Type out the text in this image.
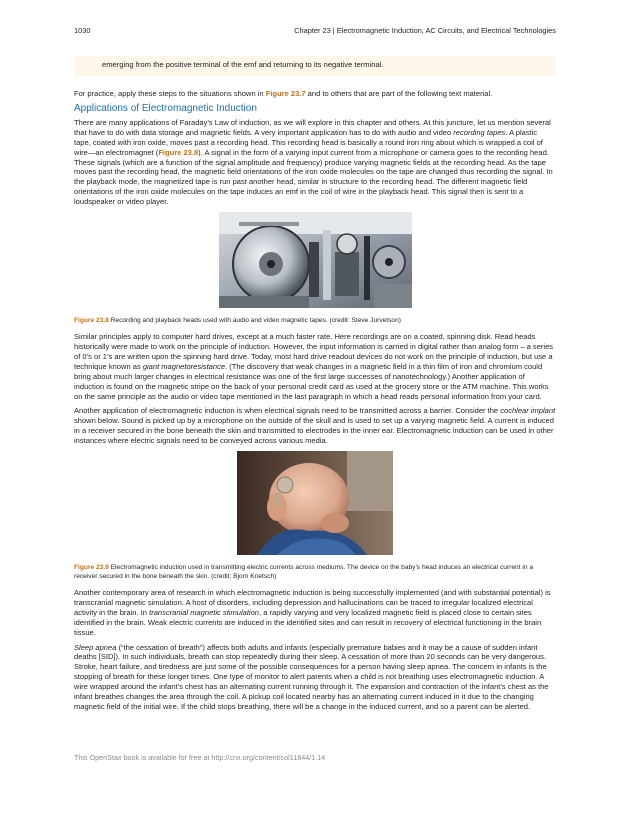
1030	Chapter 23 | Electromagnetic Induction, AC Circuits, and Electrical Technologies
emerging from the positive terminal of the emf and returning to its negative terminal.

For practice, apply these steps to the situations shown in Figure 23.7 and to others that are part of the following text material.

Applications of Electromagnetic Induction

There are many applications of Faraday’s Law of induction, as we will explore in this chapter and others. At this juncture, let us mention several that have to do with data storage and magnetic fields. A very important application has to do with audio and video recording tapes. A plastic tape, coated with iron oxide, moves past a recording head. This recording head is basically a round iron ring about which is wrapped a coil of wire—an electromagnet (Figure 23.8). A signal in the form of a varying input current from a microphone or camera goes to the recording head. These signals (which are a function of the signal amplitude and frequency) produce varying magnetic fields at the recording head. As the tape moves past the recording head, the magnetic field orientations of the iron oxide molecules on the tape are changed thus recording the signal. In the playback mode, the magnetized tape is run past another head, similar in structure to the recording head. The different magnetic field orientations of the iron oxide molecules on the tape induces an emf in the coil of wire in the playback head. This signal then is sent to a loudspeaker or video player.

Figure 23.8 Recording and playback heads used with audio and video magnetic tapes. (credit: Steve Jurvetson)

Similar principles apply to computer hard drives, except at a much faster rate. Here recordings are on a coated, spinning disk. Read heads historically were made to work on the principle of induction. However, the input information is carried in digital rather than analog form – a series of 0’s or 1’s are written upon the spinning hard drive. Today, most hard drive readout devices do not work on the principle of induction, but use a technique known as giant magnetoresistance. (The discovery that weak changes in a magnetic field in a thin film of iron and chromium could bring about much larger changes in electrical resistance was one of the first large successes of nanotechnology.) Another application of induction is found on the magnetic stripe on the back of your personal credit card as used at the grocery store or the ATM machine. This works on the same principle as the audio or video tape mentioned in the last paragraph in which a head reads personal information from your card.

Another application of electromagnetic induction is when electrical signals need to be transmitted across a barrier. Consider the cochlear implant shown below. Sound is picked up by a microphone on the outside of the skull and is used to set up a varying magnetic field. A current is induced in a receiver secured in the bone beneath the skin and transmitted to electrodes in the inner ear. Electromagnetic induction can be used in other instances where electric signals need to be conveyed across various media.

Figure 23.9 Electromagnetic induction used in transmitting electric currents across mediums. The device on the baby’s head induces an electrical current in a receiver secured in the bone beneath the skin. (credit: Bjorn Knetsch)

Another contemporary area of research in which electromagnetic induction is being successfully implemented (and with substantial potential) is transcranial magnetic simulation. A host of disorders, including depression and hallucinations can be traced to irregular localized electrical activity in the brain. In transcranial magnetic stimulation, a rapidly varying and very localized magnetic field is placed close to certain sites identified in the brain. Weak electric currents are induced in the identified sites and can result in recovery of electrical functioning in the brain tissue.

Sleep apnea (“the cessation of breath”) affects both adults and infants (especially premature babies and it may be a cause of sudden infant deaths [SID]). In such individuals, breath can stop repeatedly during their sleep. A cessation of more than 20 seconds can be very dangerous. Stroke, heart failure, and tiredness are just some of the possible consequences for a person having sleep apnea. The concern in infants is the stopping of breath for these longer times. One type of monitor to alert parents when a child is not breathing uses electromagnetic induction. A wire wrapped around the infant’s chest has an alternating current running through it. The expansion and contraction of the infant’s chest as the infant breathes changes the area through the coil. A pickup coil located nearby has an alternating current induced in it due to the changing magnetic field of the initial wire. If the child stops breathing, there will be a change in the induced current, and so a parent can be alerted.

This OpenStax book is available for free at http://cnx.org/content/col11844/1.14
